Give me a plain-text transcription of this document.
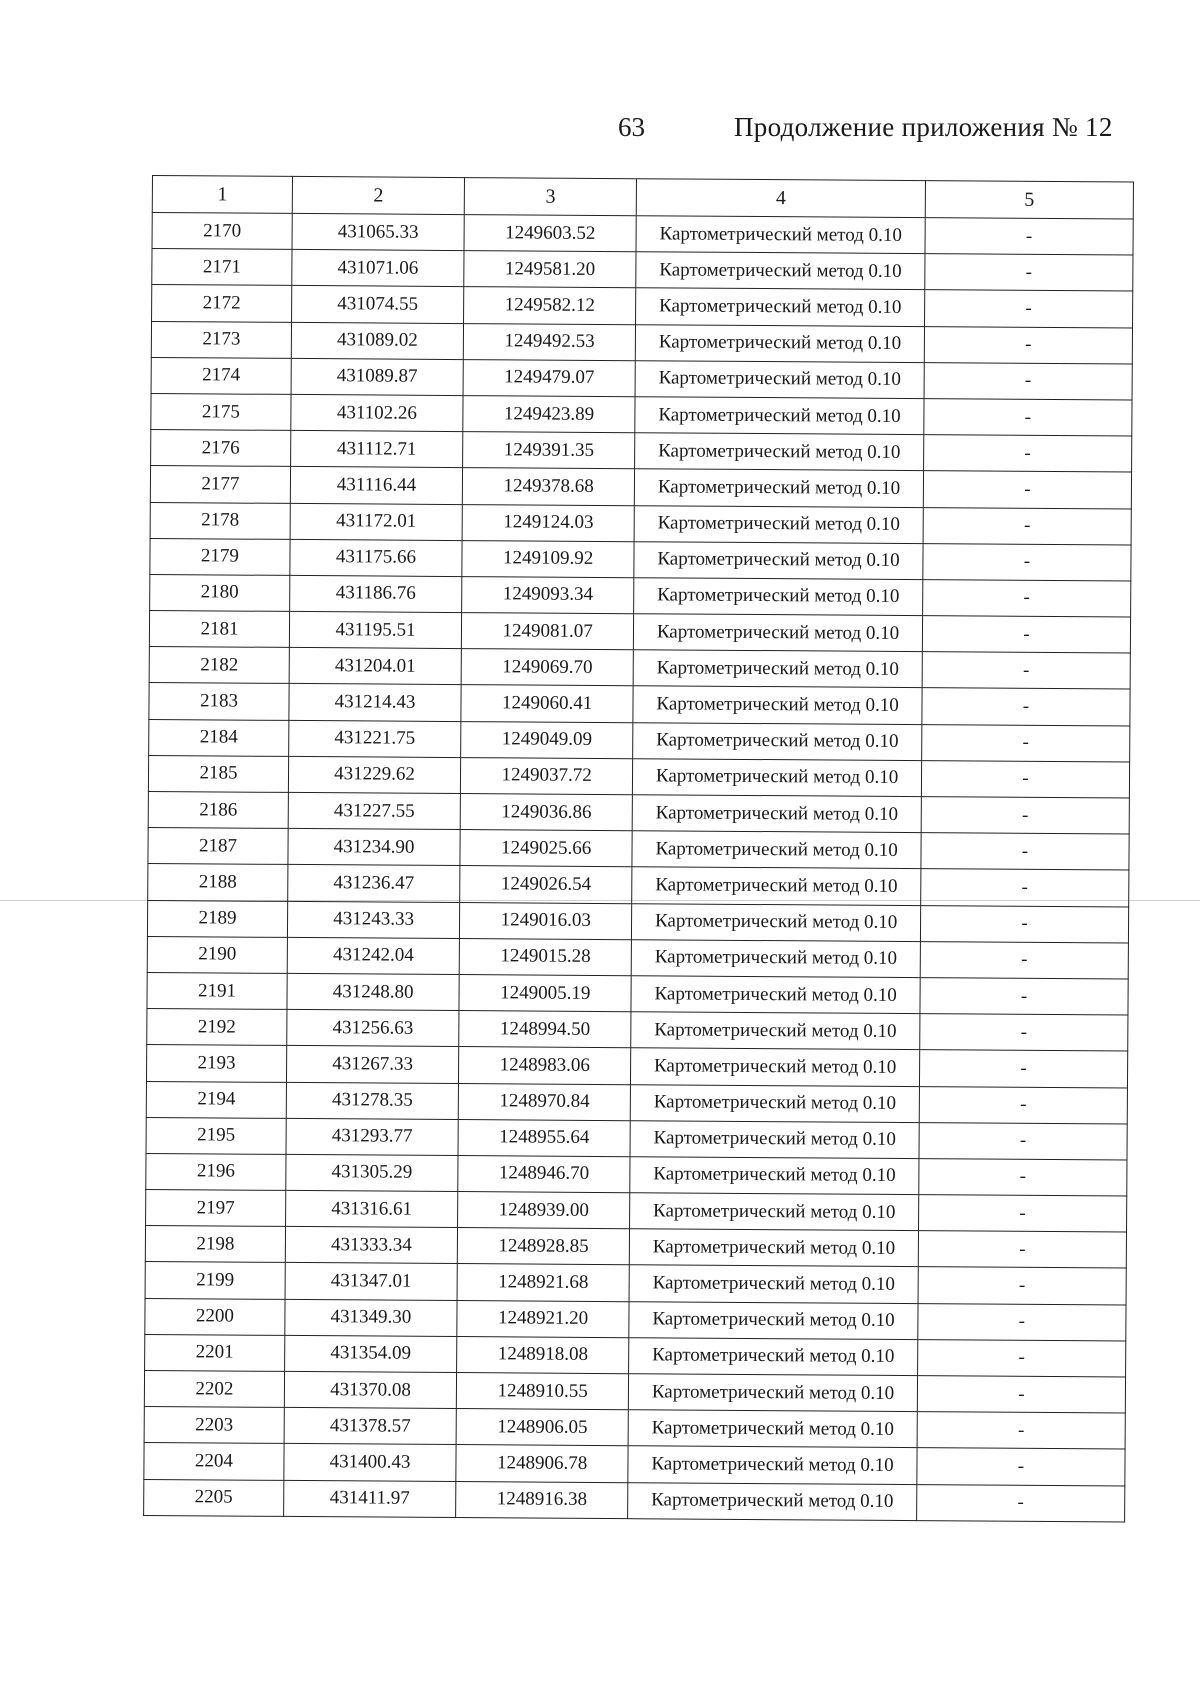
63	Продолжение приложения № 12
1	2	3	4	5
2170	431065.33	1249603.52	Картометрический метод 0.10	-
2171	431071.06	1249581.20	Картометрический метод 0.10	-
2172	431074.55	1249582.12	Картометрический метод 0.10	-
2173	431089.02	1249492.53	Картометрический метод 0.10	-
2174	431089.87	1249479.07	Картометрический метод 0.10	-
2175	431102.26	1249423.89	Картометрический метод 0.10	-
2176	431112.71	1249391.35	Картометрический метод 0.10	-
2177	431116.44	1249378.68	Картометрический метод 0.10	-
2178	431172.01	1249124.03	Картометрический метод 0.10	-
2179	431175.66	1249109.92	Картометрический метод 0.10	-
2180	431186.76	1249093.34	Картометрический метод 0.10	-
2181	431195.51	1249081.07	Картометрический метод 0.10	-
2182	431204.01	1249069.70	Картометрический метод 0.10	-
2183	431214.43	1249060.41	Картометрический метод 0.10	-
2184	431221.75	1249049.09	Картометрический метод 0.10	-
2185	431229.62	1249037.72	Картометрический метод 0.10	-
2186	431227.55	1249036.86	Картометрический метод 0.10	-
2187	431234.90	1249025.66	Картометрический метод 0.10	-
2188	431236.47	1249026.54	Картометрический метод 0.10	-
2189	431243.33	1249016.03	Картометрический метод 0.10	-
2190	431242.04	1249015.28	Картометрический метод 0.10	-
2191	431248.80	1249005.19	Картометрический метод 0.10	-
2192	431256.63	1248994.50	Картометрический метод 0.10	-
2193	431267.33	1248983.06	Картометрический метод 0.10	-
2194	431278.35	1248970.84	Картометрический метод 0.10	-
2195	431293.77	1248955.64	Картометрический метод 0.10	-
2196	431305.29	1248946.70	Картометрический метод 0.10	-
2197	431316.61	1248939.00	Картометрический метод 0.10	-
2198	431333.34	1248928.85	Картометрический метод 0.10	-
2199	431347.01	1248921.68	Картометрический метод 0.10	-
2200	431349.30	1248921.20	Картометрический метод 0.10	-
2201	431354.09	1248918.08	Картометрический метод 0.10	-
2202	431370.08	1248910.55	Картометрический метод 0.10	-
2203	431378.57	1248906.05	Картометрический метод 0.10	-
2204	431400.43	1248906.78	Картометрический метод 0.10	-
2205	431411.97	1248916.38	Картометрический метод 0.10	-
